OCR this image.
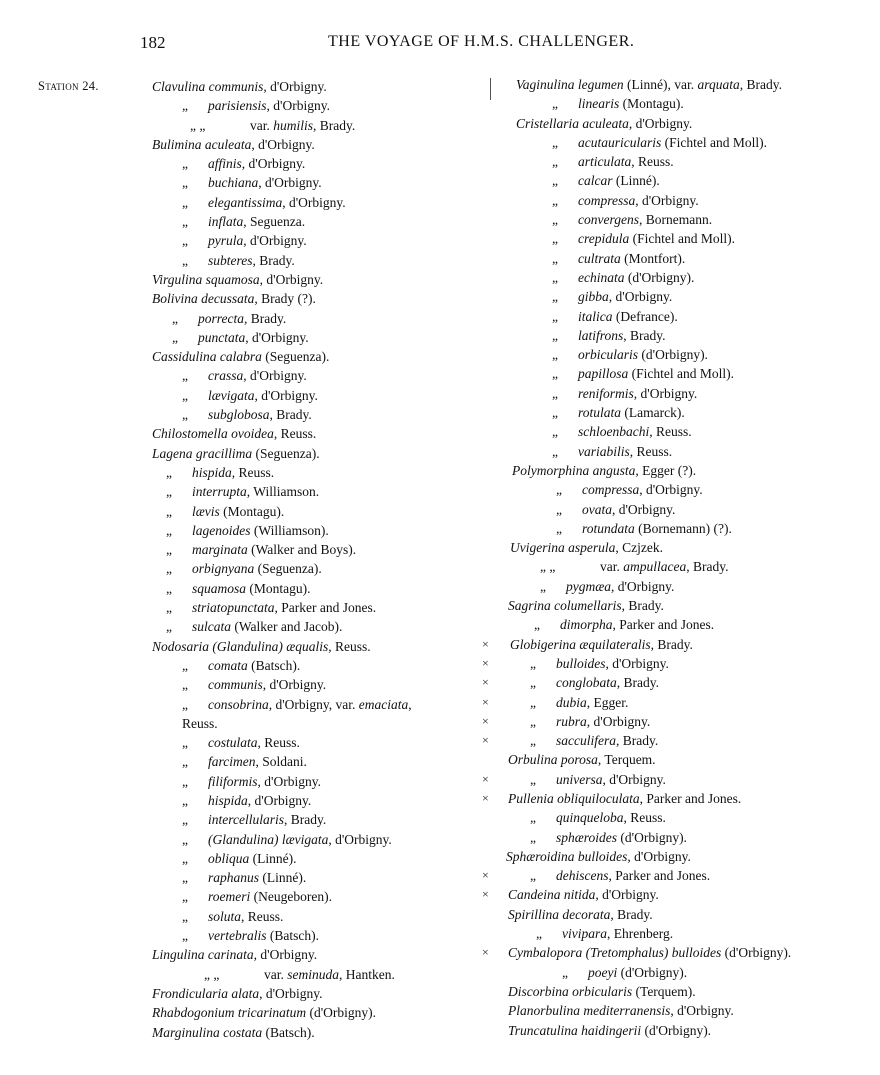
182	THE VOYAGE OF H.M.S. CHALLENGER.
Station 24.	Clavulina communis, d'Orbigny.
„ parisiensis, d'Orbigny.
„ „	var. humilis, Brady.
Bulimina aculeata, d'Orbigny.
„ affinis, d'Orbigny.
„ buchiana, d'Orbigny.
„ elegantissima, d'Orbigny.
„ inflata, Seguenza.
„ pyrula, d'Orbigny.
„ subteres, Brady.
Virgulina squamosa, d'Orbigny.
Bolivina decussata, Brady (?).
„ porrecta, Brady.
„ punctata, d'Orbigny.
Cassidulina calabra (Seguenza).
„ crassa, d'Orbigny.
„ lævigata, d'Orbigny.
„ subglobosa, Brady.
Chilostomella ovoidea, Reuss.
Lagena gracillima (Seguenza).
„ hispida, Reuss.
„ interrupta, Williamson.
„ lævis (Montagu).
„ lagenoides (Williamson).
„ marginata (Walker and Boys).
„ orbignyana (Seguenza).
„ squamosa (Montagu).
„ striatopunctata, Parker and Jones.
„ sulcata (Walker and Jacob).
Nodosaria (Glandulina) æqualis, Reuss.
„ comata (Batsch).
„ communis, d'Orbigny.
„ consobrina, d'Orbigny, var. emaciata,
Reuss.
„ costulata, Reuss.
„ farcimen, Soldani.
„ filiformis, d'Orbigny.
„ hispida, d'Orbigny.
„ intercellularis, Brady.
„ (Glandulina) lævigata, d'Orbigny.
„ obliqua (Linné).
„ raphanus (Linné).
„ roemeri (Neugeboren).
„ soluta, Reuss.
„ vertebralis (Batsch).
Lingulina carinata, d'Orbigny.
„ „	var. seminuda, Hantken.
Frondicularia alata, d'Orbigny.
Rhabdogonium tricarinatum (d'Orbigny).
Marginulina costata (Batsch).
Vaginulina legumen (Linné), var. arquata, Brady.
„ linearis (Montagu).
Cristellaria aculeata, d'Orbigny.
„ acutauricularis (Fichtel and Moll).
„ articulata, Reuss.
„ calcar (Linné).
„ compressa, d'Orbigny.
„ convergens, Bornemann.
„ crepidula (Fichtel and Moll).
„ cultrata (Montfort).
„ echinata (d'Orbigny).
„ gibba, d'Orbigny.
„ italica (Defrance).
„ latifrons, Brady.
„ orbicularis (d'Orbigny).
„ papillosa (Fichtel and Moll).
„ reniformis, d'Orbigny.
„ rotulata (Lamarck).
„ schloenbachi, Reuss.
„ variabilis, Reuss.
Polymorphina angusta, Egger (?).
„ compressa, d'Orbigny.
„ ovata, d'Orbigny.
„ rotundata (Bornemann) (?).
Uvigerina asperula, Czjzek.
„ „	var. ampullacea, Brady.
„ pygmæa, d'Orbigny.
Sagrina columellaris, Brady.
„ dimorpha, Parker and Jones.
× Globigerina æquilateralis, Brady.
×	„ bulloides, d'Orbigny.
×	„ conglobata, Brady.
×	„ dubia, Egger.
×	„ rubra, d'Orbigny.
×	„ sacculifera, Brady.
Orbulina porosa, Terquem.
×	„ universa, d'Orbigny.
× Pullenia obliquiloculata, Parker and Jones.
„ quinqueloba, Reuss.
„ sphæroides (d'Orbigny).
Sphæroidina bulloides, d'Orbigny.
×	„ dehiscens, Parker and Jones.
× Candeina nitida, d'Orbigny.
Spirillina decorata, Brady.
„ vivipara, Ehrenberg.
× Cymbalopora (Tretomphalus) bulloides (d'Orbigny).
„ poeyi (d'Orbigny).
Discorbina orbicularis (Terquem).
Planorbulina mediterranensis, d'Orbigny.
Truncatulina haidingerii (d'Orbigny).
